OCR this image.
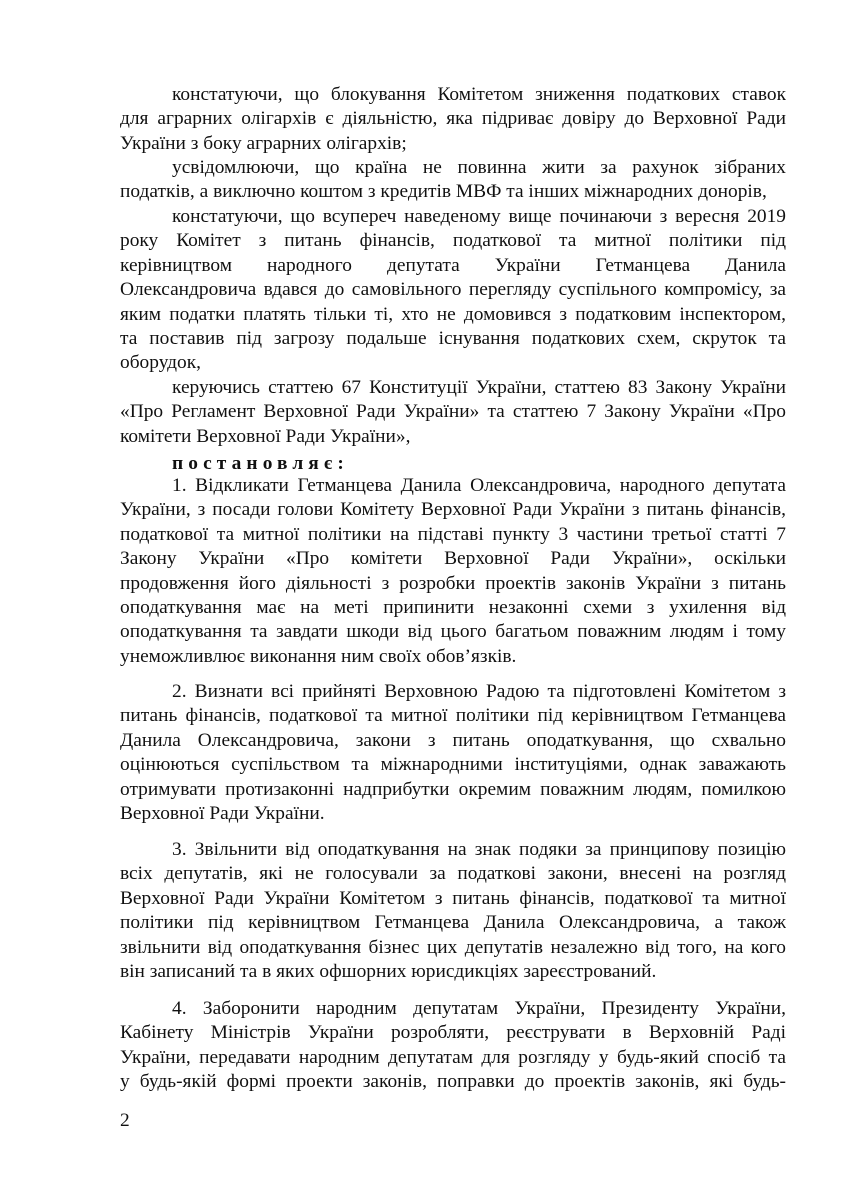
констатуючи, що блокування Комітетом зниження податкових ставок
для аграрних олігархів є діяльністю, яка підриває довіру до Верховної Ради
України з боку аграрних олігархів;
усвідомлюючи, що країна не повинна жити за рахунок зібраних
податків, а виключно коштом з кредитів МВФ та інших міжнародних донорів,
констатуючи, що всупереч наведеному вище починаючи з вересня 2019
року Комітет з питань фінансів, податкової та митної політики під
керівництвом народного депутата України Гетманцева Данила
Олександровича вдався до самовільного перегляду суспільного компромісу, за
яким податки платять тільки ті, хто не домовився з податковим інспектором,
та поставив під загрозу подальше існування податкових схем, скруток та
оборудок,
керуючись статтею 67 Конституції України, статтею 83 Закону України
«Про Регламент Верховної Ради України» та статтею 7 Закону України «Про
комітети Верховної Ради України»,
постановляє:
1. Відкликати Гетманцева Данила Олександровича, народного депутата
України, з посади голови Комітету Верховної Ради України з питань фінансів,
податкової та митної політики на підставі пункту 3 частини третьої статті 7
Закону України «Про комітети Верховної Ради України», оскільки
продовження його діяльності з розробки проектів законів України з питань
оподаткування має на меті припинити незаконні схеми з ухилення від
оподаткування та завдати шкоди від цього багатьом поважним людям і тому
унеможливлює виконання ним своїх обов’язків.
2. Визнати всі прийняті Верховною Радою та підготовлені Комітетом з
питань фінансів, податкової та митної політики під керівництвом Гетманцева
Данила Олександровича, закони з питань оподаткування, що схвально
оцінюються суспільством та міжнародними інституціями, однак заважають
отримувати протизаконні надприбутки окремим поважним людям, помилкою
Верховної Ради України.
3. Звільнити від оподаткування на знак подяки за принципову позицію
всіх депутатів, які не голосували за податкові закони, внесені на розгляд
Верховної Ради України Комітетом з питань фінансів, податкової та митної
політики під керівництвом Гетманцева Данила Олександровича, а також
звільнити від оподаткування бізнес цих депутатів незалежно від того, на кого
він записаний та в яких офшорних юрисдикціях зареєстрований.
4. Заборонити народним депутатам України, Президенту України,
Кабінету Міністрів України розробляти, реєструвати в Верховній Раді
України, передавати народним депутатам для розгляду у будь-який спосіб та
у будь-якій формі проекти законів, поправки до проектів законів, які будь-
2
